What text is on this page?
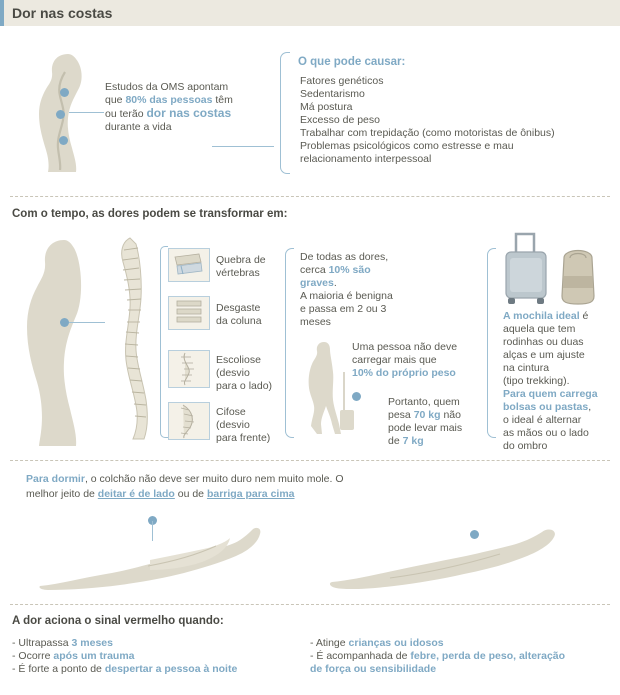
Dor nas costas
Estudos da OMS apontam
que 80% das pessoas têm
ou terão dor nas costas
durante a vida
O que pode causar:
Fatores genéticos
Sedentarismo
Má postura
Excesso de peso
Trabalhar com trepidação (como motoristas de ônibus)
Problemas psicológicos como estresse e mau
relacionamento interpessoal
Com o tempo, as dores podem se transformar em:
Quebra de
vértebras
Desgaste
da coluna
Escoliose
(desvio
para o lado)
Cifose
(desvio
para frente)
De todas as dores,
cerca 10% são graves.
A maioria é benigna
e passa em 2 ou 3
meses
Uma pessoa não deve
carregar mais que
10% do próprio peso
Portanto, quem
pesa 70 kg não
pode levar mais
de 7 kg
A mochila ideal é
aquela que tem
rodinhas ou duas
alças e um ajuste
na cintura
(tipo trekking).
Para quem carrega
bolsas ou pastas,
o ideal é alternar
as mãos ou o lado
do ombro
Para dormir, o colchão não deve ser muito duro nem muito mole. O
melhor jeito de deitar é de lado ou de barriga para cima
A dor aciona o sinal vermelho quando:
- Ultrapassa 3 meses
- Ocorre após um trauma
- É forte a ponto de despertar a pessoa à noite
- Atinge crianças ou idosos
- É acompanhada de febre, perda de peso, alteração
de força ou sensibilidade
